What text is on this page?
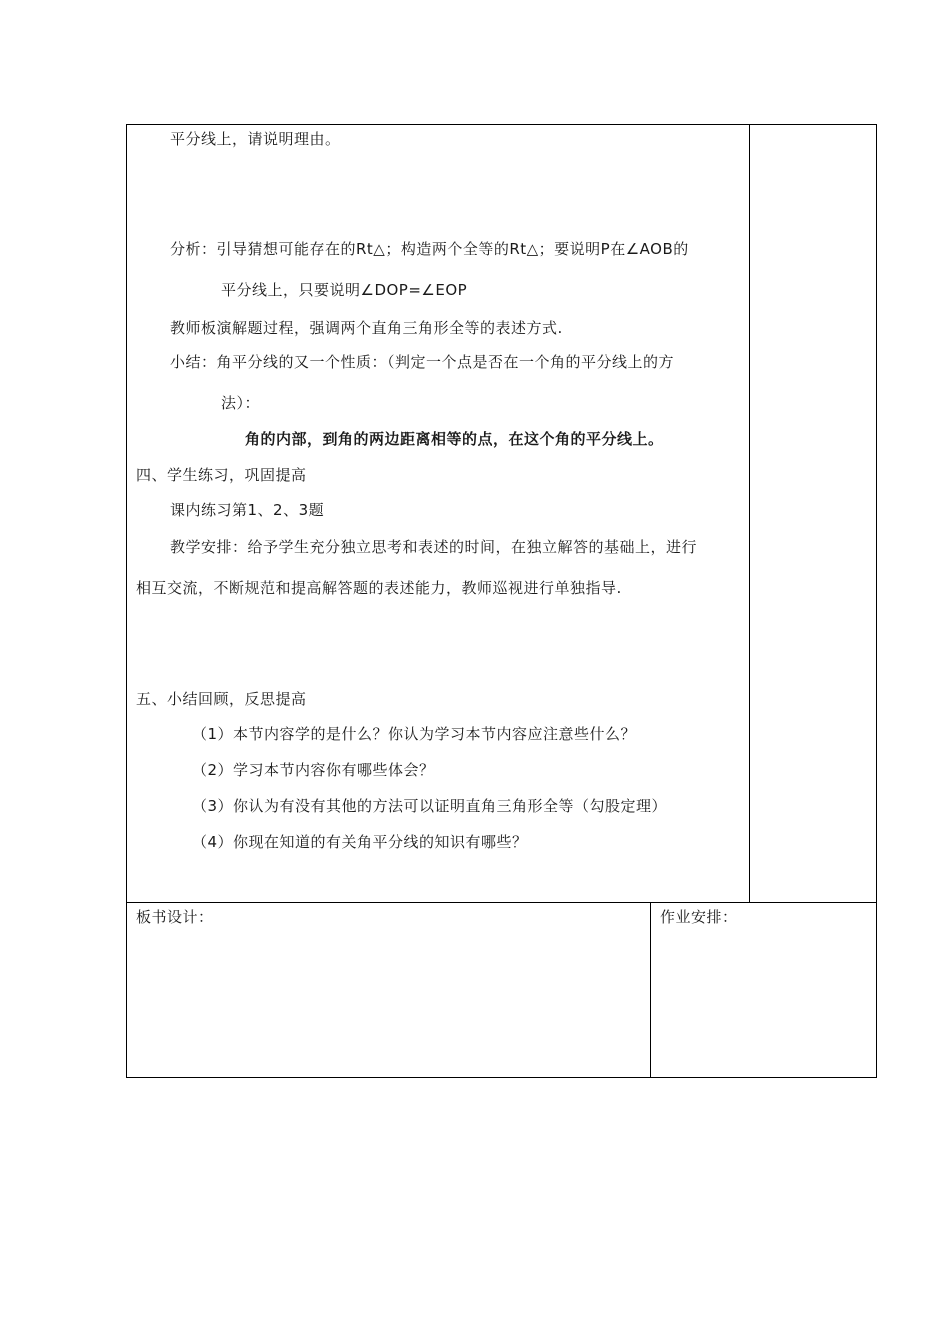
平分线上，请说明理由。
分析：引导猜想可能存在的Rt△；构造两个全等的Rt△；要说明P在∠AOB的
平分线上，只要说明∠DOP=∠EOP
教师板演解题过程，强调两个直角三角形全等的表述方式.
小结：角平分线的又一个性质：（判定一个点是否在一个角的平分线上的方
法）：
角的内部，到角的两边距离相等的点，在这个角的平分线上。
四、学生练习，巩固提高
课内练习第1、2、3题
教学安排：给予学生充分独立思考和表述的时间，在独立解答的基础上，进行
相互交流，不断规范和提高解答题的表述能力，教师巡视进行单独指导.
五、小结回顾，反思提高
（1）本节内容学的是什么？你认为学习本节内容应注意些什么？
（2）学习本节内容你有哪些体会？
（3）你认为有没有其他的方法可以证明直角三角形全等（勾股定理）
（4）你现在知道的有关角平分线的知识有哪些？
板书设计：	作业安排：
